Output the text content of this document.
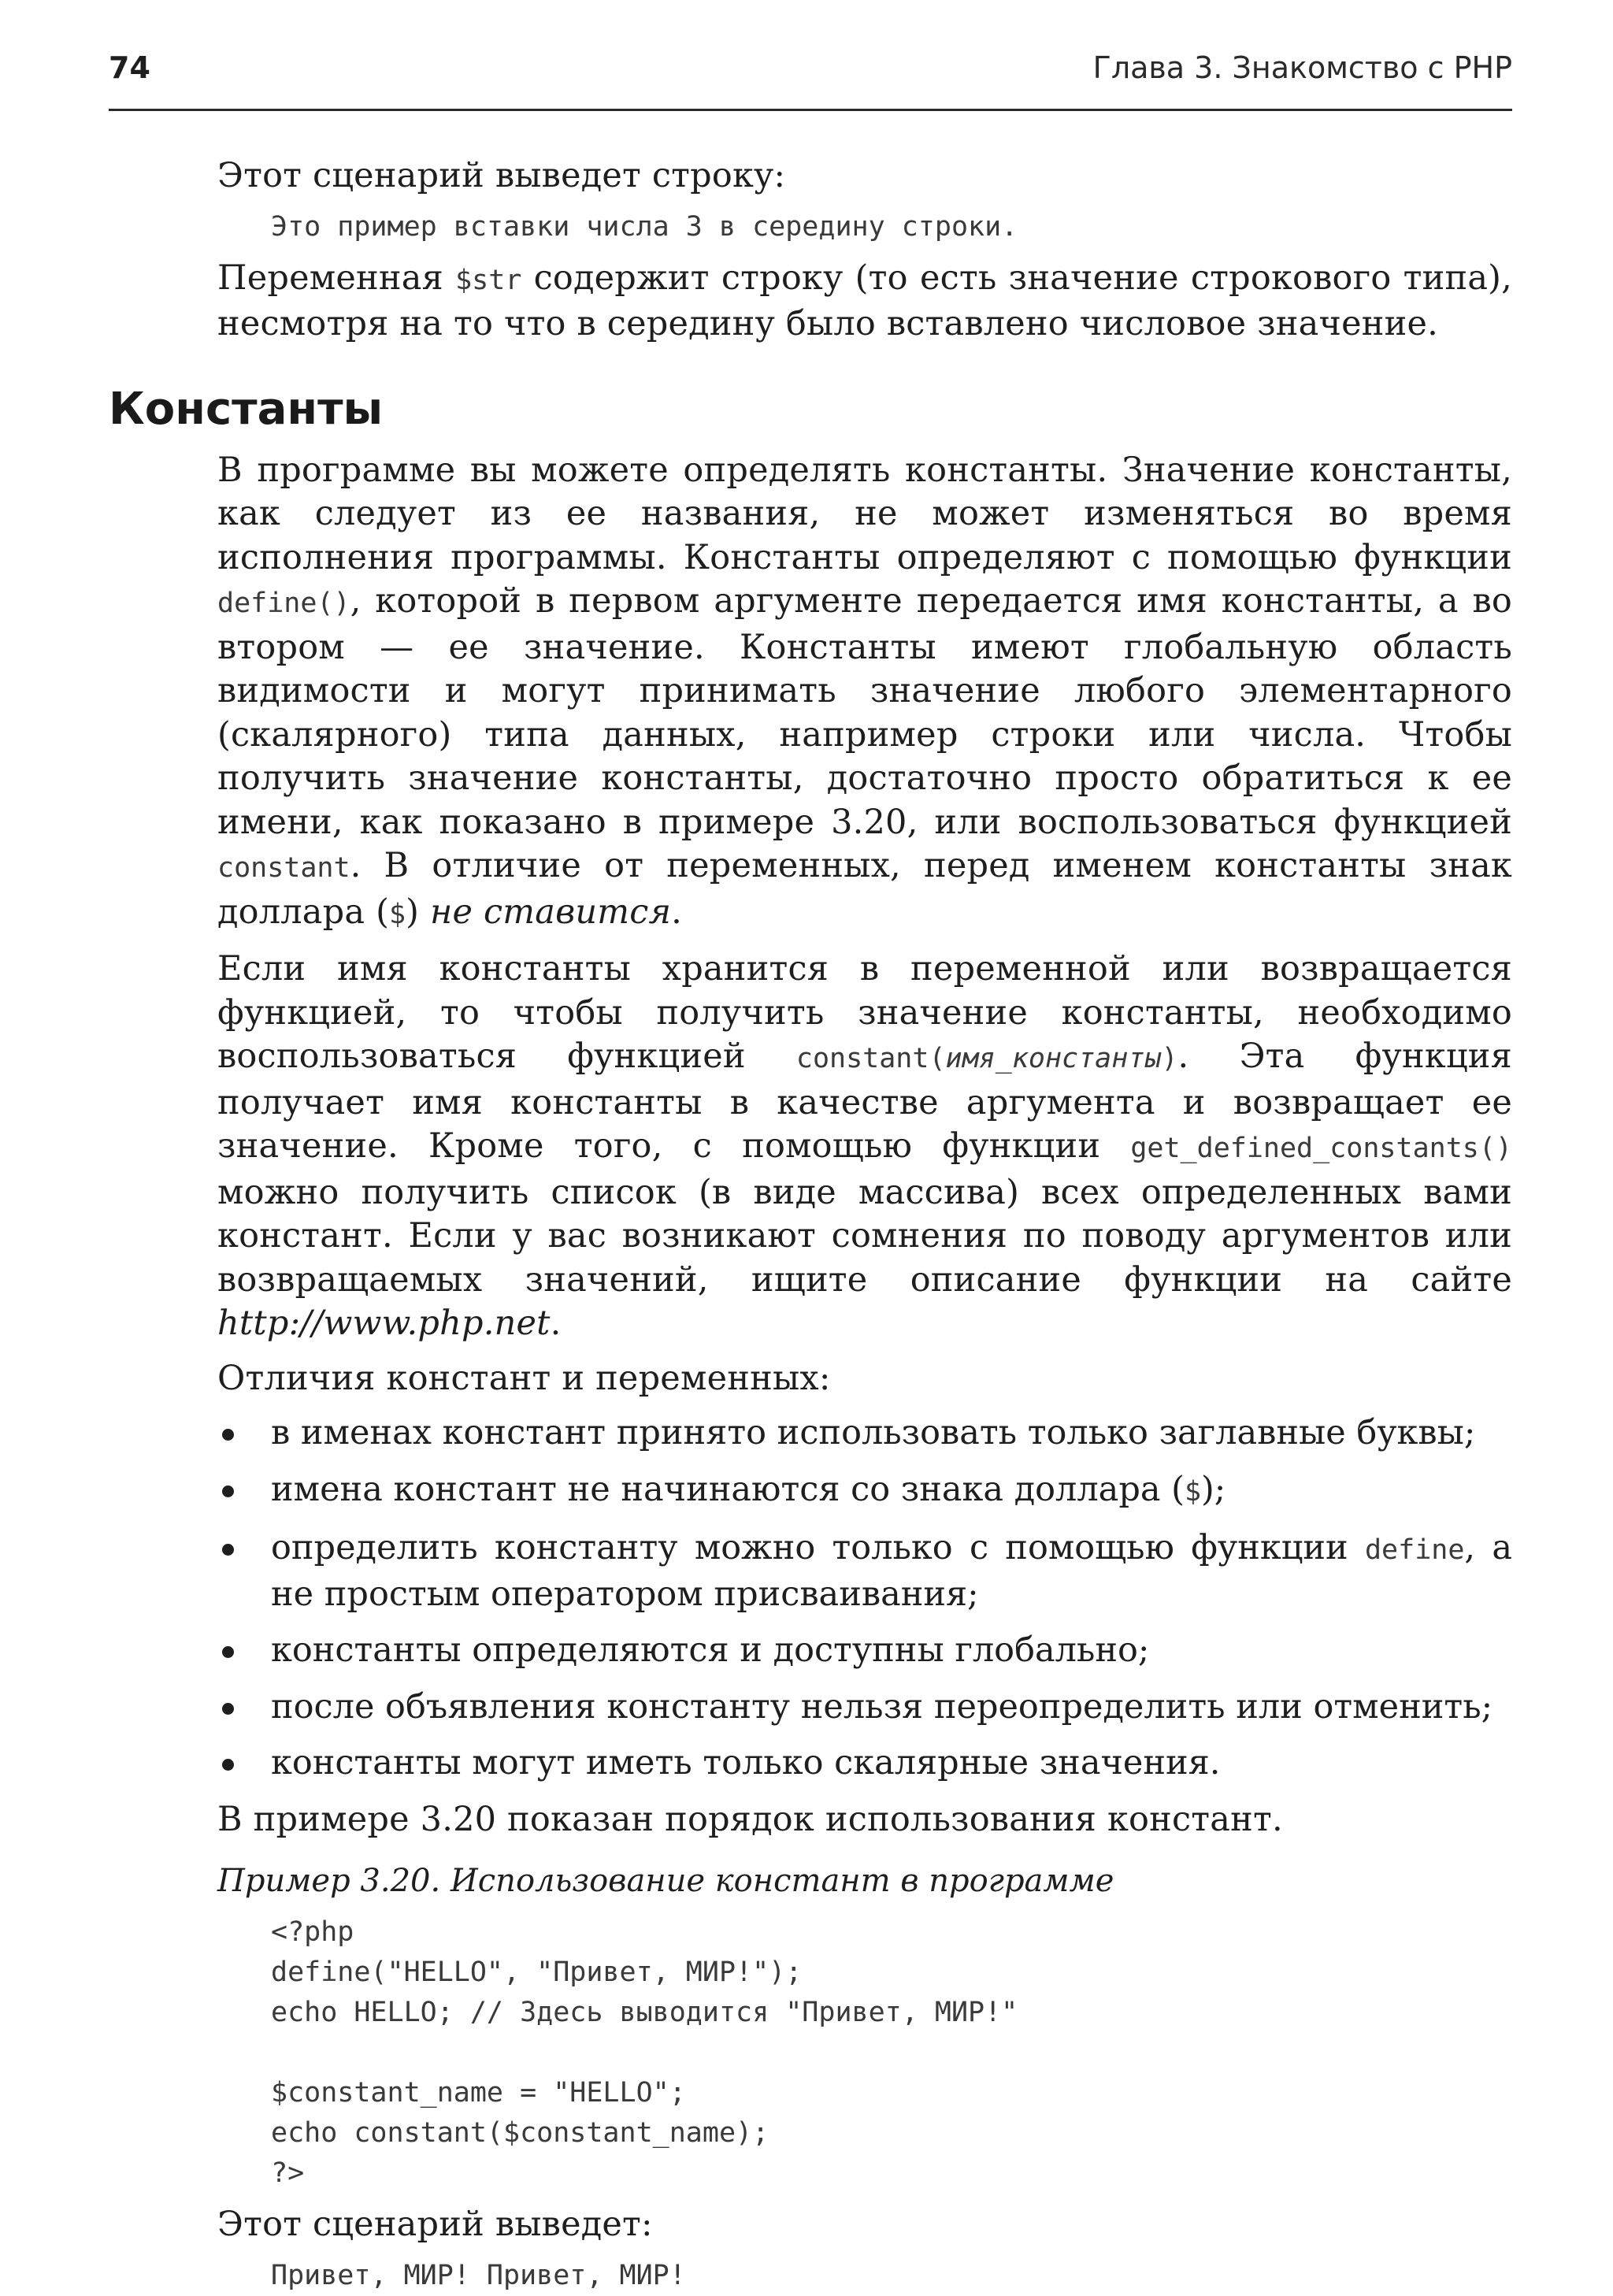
74	Глава 3. Знакомство с PHP

Этот сценарий выведет строку:

Это пример вставки числа 3 в середину строки.

Переменная $str содержит строку (то есть значение строкового типа), несмотря на то что в середину было вставлено числовое значение.

Константы

В программе вы можете определять константы. Значение константы, как следует из ее названия, не может изменяться во время исполнения программы. Константы определяют с помощью функции define(), которой в первом аргументе передается имя константы, а во втором — ее значение. Константы имеют глобальную область видимости и могут принимать значение любого элементарного (скалярного) типа данных, например строки или числа. Чтобы получить значение константы, достаточно просто обратиться к ее имени, как показано в примере 3.20, или воспользоваться функцией constant. В отличие от переменных, перед именем константы знак доллара ($) не ставится.

Если имя константы хранится в переменной или возвращается функцией, то чтобы получить значение константы, необходимо воспользоваться функцией constant(имя_константы). Эта функция получает имя константы в качестве аргумента и возвращает ее значение. Кроме того, с помощью функции get_defined_constants() можно получить список (в виде массива) всех определенных вами констант. Если у вас возникают сомнения по поводу аргументов или возвращаемых значений, ищите описание функции на сайте http://www.php.net.

Отличия констант и переменных:

в именах констант принято использовать только заглавные буквы;
имена констант не начинаются со знака доллара ($);
определить константу можно только с помощью функции define, а не простым оператором присваивания;
константы определяются и доступны глобально;
после объявления константу нельзя переопределить или отменить;
константы могут иметь только скалярные значения.

В примере 3.20 показан порядок использования констант.

Пример 3.20. Использование констант в программе
<?php
define("HELLO", "Привет, МИР!");
echo HELLO; // Здесь выводится "Привет, МИР!"
$constant_name = "HELLO";
echo constant($constant_name);
?>

Этот сценарий выведет:

Привет, МИР! Привет, МИР!
